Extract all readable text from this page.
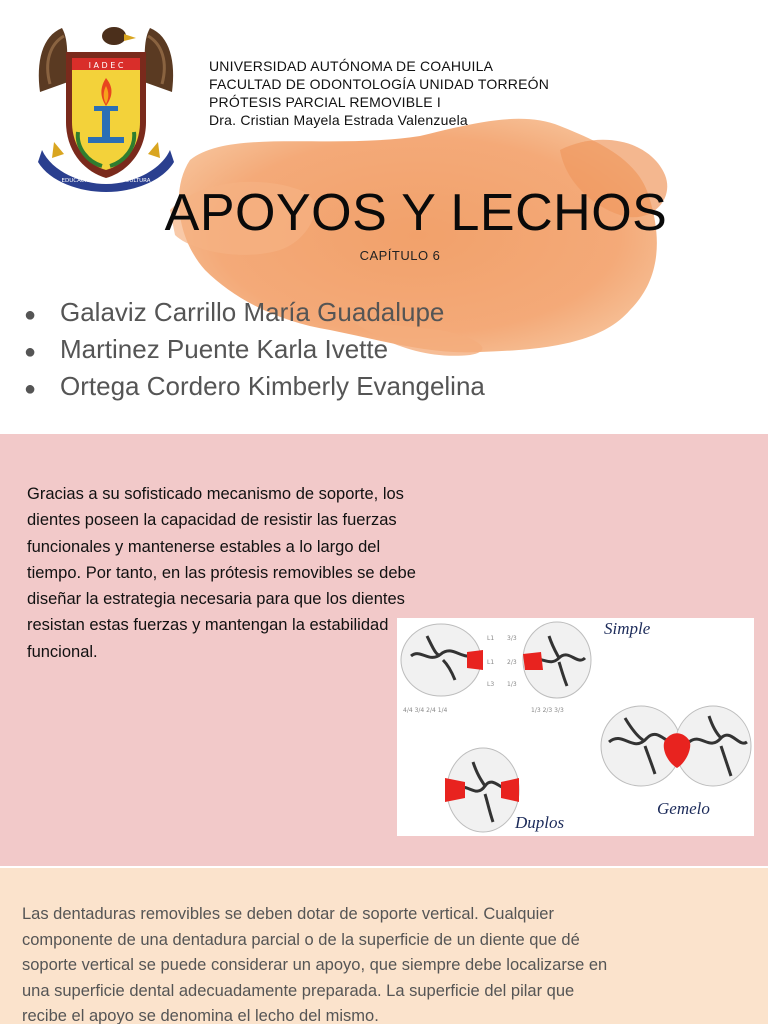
I A D E C
EDUCACIÓN CIENCIA Y CULTURA
UNIVERSIDAD AUTÓNOMA DE COAHUILA
FACULTAD DE ODONTOLOGÍA UNIDAD TORREÓN
PRÓTESIS PARCIAL REMOVIBLE I
Dra. Cristian Mayela Estrada Valenzuela
APOYOS Y LECHOS
CAPÍTULO 6
● Galaviz Carrillo María Guadalupe
● Martinez Puente Karla Ivette
● Ortega Cordero Kimberly Evangelina
Gracias a su sofisticado mecanismo de soporte, los dientes poseen la capacidad de resistir las fuerzas funcionales y mantenerse estables a lo largo del tiempo. Por tanto, en las prótesis removibles se debe diseñar la estrategia necesaria para que los dientes resistan estas fuerzas y mantengan la estabilidad funcional.
4/4 3/4 2/4 1/4
L1
L1
L3
3/3
2/3
1/3
1/3 2/3 3/3
Simple
Duplos
Gemelo
Las dentaduras removibles se deben dotar de soporte vertical. Cualquier componente de una dentadura parcial o de la superficie de un diente que dé soporte vertical se puede considerar un apoyo, que siempre debe localizarse en una superficie dental adecuadamente preparada. La superficie del pilar que recibe el apoyo se denomina el lecho del mismo.
